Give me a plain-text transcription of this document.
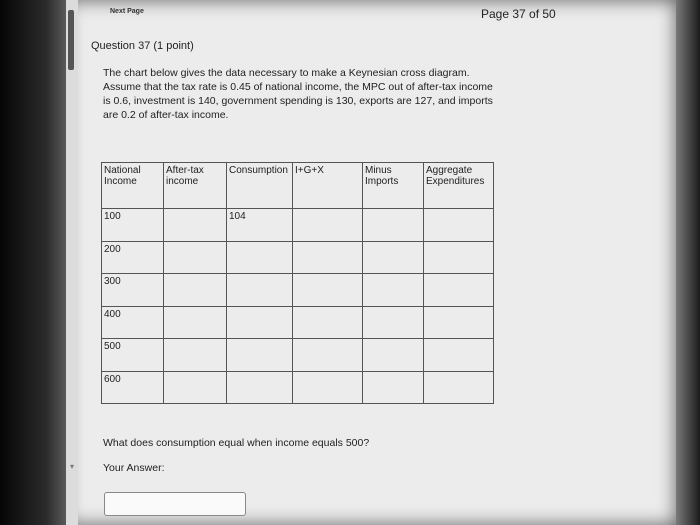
▾
Next Page	Page 37 of 50
Question 37 (1 point)

The chart below gives the data necessary to make a Keynesian cross diagram.
Assume that the tax rate is 0.45 of national income, the MPC out of after-tax income
is 0.6, investment is 140, government spending is 130, exports are 127, and imports
are 0.2 of after-tax income.

National Income	After-tax income	Consumption	I+G+X	Minus Imports	Aggregate Expenditures
100		104			
200					
300					
400					
500					
600					
What does consumption equal when income equals 500?
Your Answer:
